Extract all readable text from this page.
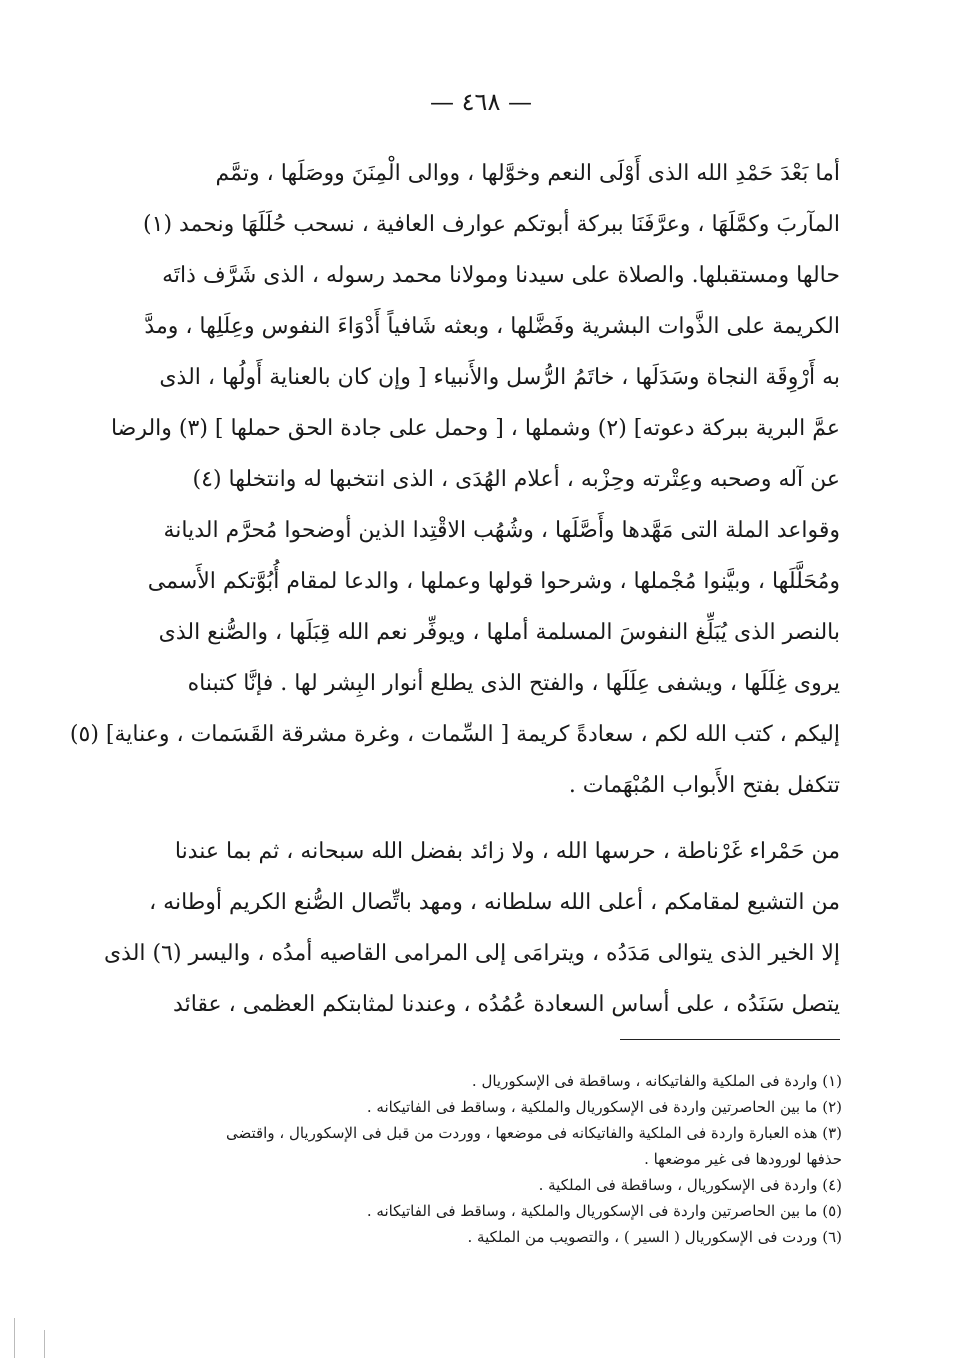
— ٤٦٨ —
أما بَعْدَ حَمْدِ الله الذى أَوْلَى النعم وخوَّلها ، ووالى الْمِنَنَ ووصَلَها ، وتمَّم
المآربَ وكمَّلَهَا ، وعرَّفَنَا ببركة أبوتكم عوارف العافية ، نسحب حُلَلَهَا ونحمد (١)
حالها ومستقبلها. والصلاة على سيدنا ومولانا محمد رسوله ، الذى شَرَّف ذاتَه
الكريمة على الذَّوات البشرية وفَضَّلها ، وبعثه شَافياً أَدْوَاءَ النفوس وعِلَلِها ، ومدَّ
به أَرْوِقَة النجاة وسَدَلَها ، خاتَمُ الرُّسل والأَنبياء [ وإن كان بالعناية أَولُها ، الذى
عمَّ البرية ببركة دعوته] (٢) وشملها ، [ وحمل على جادة الحق حملها ] (٣) والرضا
عن آله وصحبه وعِتْرته وحِزْبه ، أعلام الهُدَى ، الذى انتخبها له وانتخلها (٤)
وقواعد الملة التى مَهَّدها وأَصَّلَها ، وشُهُب الاقْتِدا الذين أوضحوا مُحرَّم الديانة
ومُحَلَّلَها ، وبيَّنوا مُجْملها ، وشرحوا قولها وعملها ، والدعا لمقام أُبُوَّتكم الأَسمى
بالنصر الذى يُبَلِّغ النفوسَ المسلمة أملها ، ويوفِّر نعم الله قِبَلَها ، والصُّنع الذى
يروى غِلَلَها ، ويشفى عِلَلَها ، والفتح الذى يطلع أنوار البِشر لها . فإنَّا كتبناه
إليكم ، كتب الله لكم ، سعادةً كريمة [ السِّمات ، وغرة مشرقة القَسَمات ، وعناية] (٥)
تتكفل بفتح الأَبواب المُبْهَمات .
من حَمْراء غَرْناطة ، حرسها الله ، ولا زائد بفضل الله سبحانه ، ثم بما عندنا
من التشيع لمقامكم ، أعلى الله سلطانه ، ومهد باتِّصال الصُّنع الكريم أوطانه ،
إلا الخير الذى يتوالى مَدَدُه ، ويترامَى إلى المرامى القاصيه أمدُه ، واليسر (٦) الذى
يتصل سَنَدُه ، على أساس السعادة عُمُدُه ، وعندنا لمثابتكم العظمى ، عقائد
(١) واردة فى الملكية والفاتيكانه ، وساقطة فى الإسكوريال .
(٢) ما بين الحاصرتين واردة فى الإسكوريال والملكية ، وساقط فى الفاتيكانه .
(٣) هذه العبارة واردة فى الملكية والفاتيكانه فى موضعها ، ووردت من قبل فى الإسكوريال ، واقتضى
حذفها لورودها فى غير موضعها .
(٤) واردة فى الإسكوريال ، وساقطة فى الملكية .
(٥) ما بين الحاصرتين واردة فى الإسكوريال والملكية ، وساقط فى الفاتيكانه .
(٦) وردت فى الإسكوريال ( السير ) ، والتصويب من الملكية .
